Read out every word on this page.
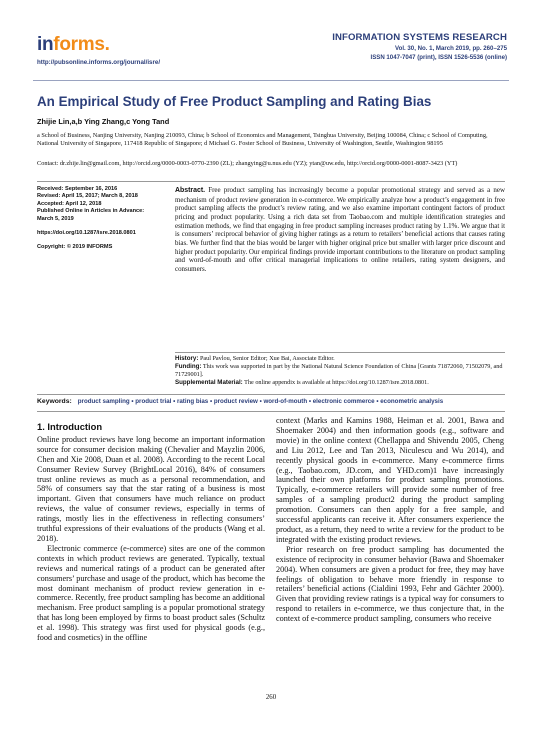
informs.
http://pubsonline.informs.org/journal/isre/
INFORMATION SYSTEMS RESEARCH
Vol. 30, No. 1, March 2019, pp. 260–275
ISSN 1047-7047 (print), ISSN 1526-5536 (online)
An Empirical Study of Free Product Sampling and Rating Bias
Zhijie Lin,a,b Ying Zhang,c Yong Tand
a School of Business, Nanjing University, Nanjing 210093, China; b School of Economics and Management, Tsinghua University, Beijing 100084, China; c School of Computing, National University of Singapore, 117418 Republic of Singapore; d Michael G. Foster School of Business, University of Washington, Seattle, Washington 98195
Contact: dr.zhije.lin@gmail.com, http://orcid.org/0000-0003-0770-2390 (ZL); zhangying@u.nus.edu (YZ); ytan@uw.edu, http://orcid.org/0000-0001-8087-3423 (YT)
Received: September 16, 2016
Revised: April 15, 2017; March 8, 2018
Accepted: April 12, 2018
Published Online in Articles in Advance:
March 5, 2019
https://doi.org/10.1287/isre.2018.0801
Copyright: © 2019 INFORMS
Abstract. Free product sampling has increasingly become a popular promotional strategy and served as a new mechanism of product review generation in e-commerce. We empirically analyze how a product’s engagement in free product sampling affects the product’s review rating, and we also examine important contingent factors of product pricing and product popularity. Using a rich data set from Taobao.com and multiple identification strategies and estimation methods, we find that engaging in free product sampling increases product rating by 1.1%. We argue that it is consumers’ reciprocal behavior of giving higher ratings as a return to retailers’ beneficial actions that causes rating bias. We further find that the bias would be larger with higher original price but smaller with larger price discount and higher product popularity. Our empirical findings provide important contributions to the literature on product sampling and word-of-mouth and offer critical managerial implications to online retailers, rating system designers, and consumers.
History: Paul Pavlou, Senior Editor; Xue Bai, Associate Editor.
Funding: This work was supported in part by the National Natural Science Foundation of China [Grants 71872060, 71502079, and 71729001].
Supplemental Material: The online appendix is available at https://doi.org/10.1287/isre.2018.0801.
Keywords: product sampling • product trial • rating bias • product review • word-of-mouth • electronic commerce • econometric analysis
1. Introduction

Online product reviews have long become an important information source for consumer decision making (Chevalier and Mayzlin 2006, Chen and Xie 2008, Duan et al. 2008). According to the recent Local Consumer Review Survey (BrightLocal 2016), 84% of consumers trust online reviews as much as a personal recommendation, and 58% of consumers say that the star rating of a business is most important. Given that consumers have much reliance on product reviews, the value of consumer reviews, especially in terms of ratings, mostly lies in the effectiveness in reflecting consumers’ truthful expressions of their evaluations of the products (Wang et al. 2018).

Electronic commerce (e-commerce) sites are one of the common contexts in which product reviews are generated. Typically, textual reviews and numerical ratings of a product can be generated after consumers’ purchase and usage of the product, which has become the most dominant mechanism of product review generation in e-commerce. Recently, free product sampling has become an additional mechanism. Free product sampling is a popular promotional strategy that has long been employed by firms to boast product sales (Schultz et al. 1998). This strategy was first used for physical goods (e.g., food and cosmetics) in the offline

context (Marks and Kamins 1988, Heiman et al. 2001, Bawa and Shoemaker 2004) and then information goods (e.g., software and movie) in the online context (Chellappa and Shivendu 2005, Cheng and Liu 2012, Lee and Tan 2013, Niculescu and Wu 2014), and recently physical goods in e-commerce. Many e-commerce firms (e.g., Taobao.com, JD.com, and YHD.com)1 have increasingly launched their own platforms for product sampling promotions. Typically, e-commerce retailers will provide some number of free samples of a sampling product2 during the product sampling promotion. Consumers can then apply for a free sample, and successful applicants can receive it. After consumers experience the product, as a return, they need to write a review for the product to be integrated with the existing product reviews.

Prior research on free product sampling has documented the existence of reciprocity in consumer behavior (Bawa and Shoemaker 2004). When consumers are given a product for free, they may have feelings of obligation to behave more friendly in response to retailers’ beneficial actions (Cialdini 1993, Fehr and Gächter 2000). Given that providing review ratings is a typical way for consumers to respond to retailers in e-commerce, we thus conjecture that, in the context of e-commerce product sampling, consumers who receive

260
